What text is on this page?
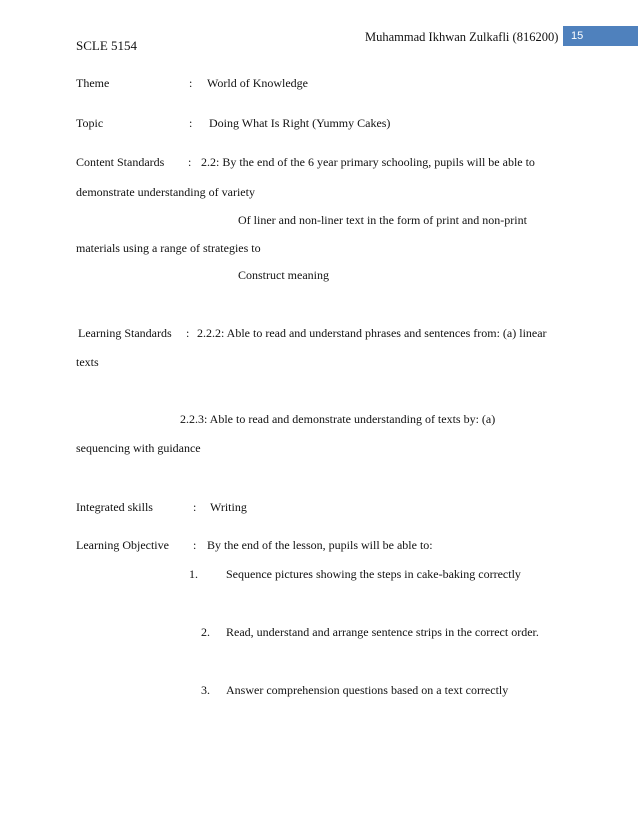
SCLE 5154
Muhammad Ikhwan Zulkafli (816200)	15
Theme	: World of Knowledge
Topic	: Doing What Is Right (Yummy Cakes)
Content Standards : 2.2: By the end of the 6 year primary schooling, pupils will be able to
demonstrate understanding of variety
Of liner and non-liner text in the form of print and non-print
materials using a range of strategies to
Construct meaning
Learning Standards : 2.2.2: Able to read and understand phrases and sentences from: (a) linear
texts
2.2.3: Able to read and demonstrate understanding of texts by: (a)
sequencing with guidance
Integrated skills	: Writing
Learning Objective : By the end of the lesson, pupils will be able to:
1. Sequence pictures showing the steps in cake-baking correctly
2. Read, understand and arrange sentence strips in the correct order.
3. Answer comprehension questions based on a text correctly
